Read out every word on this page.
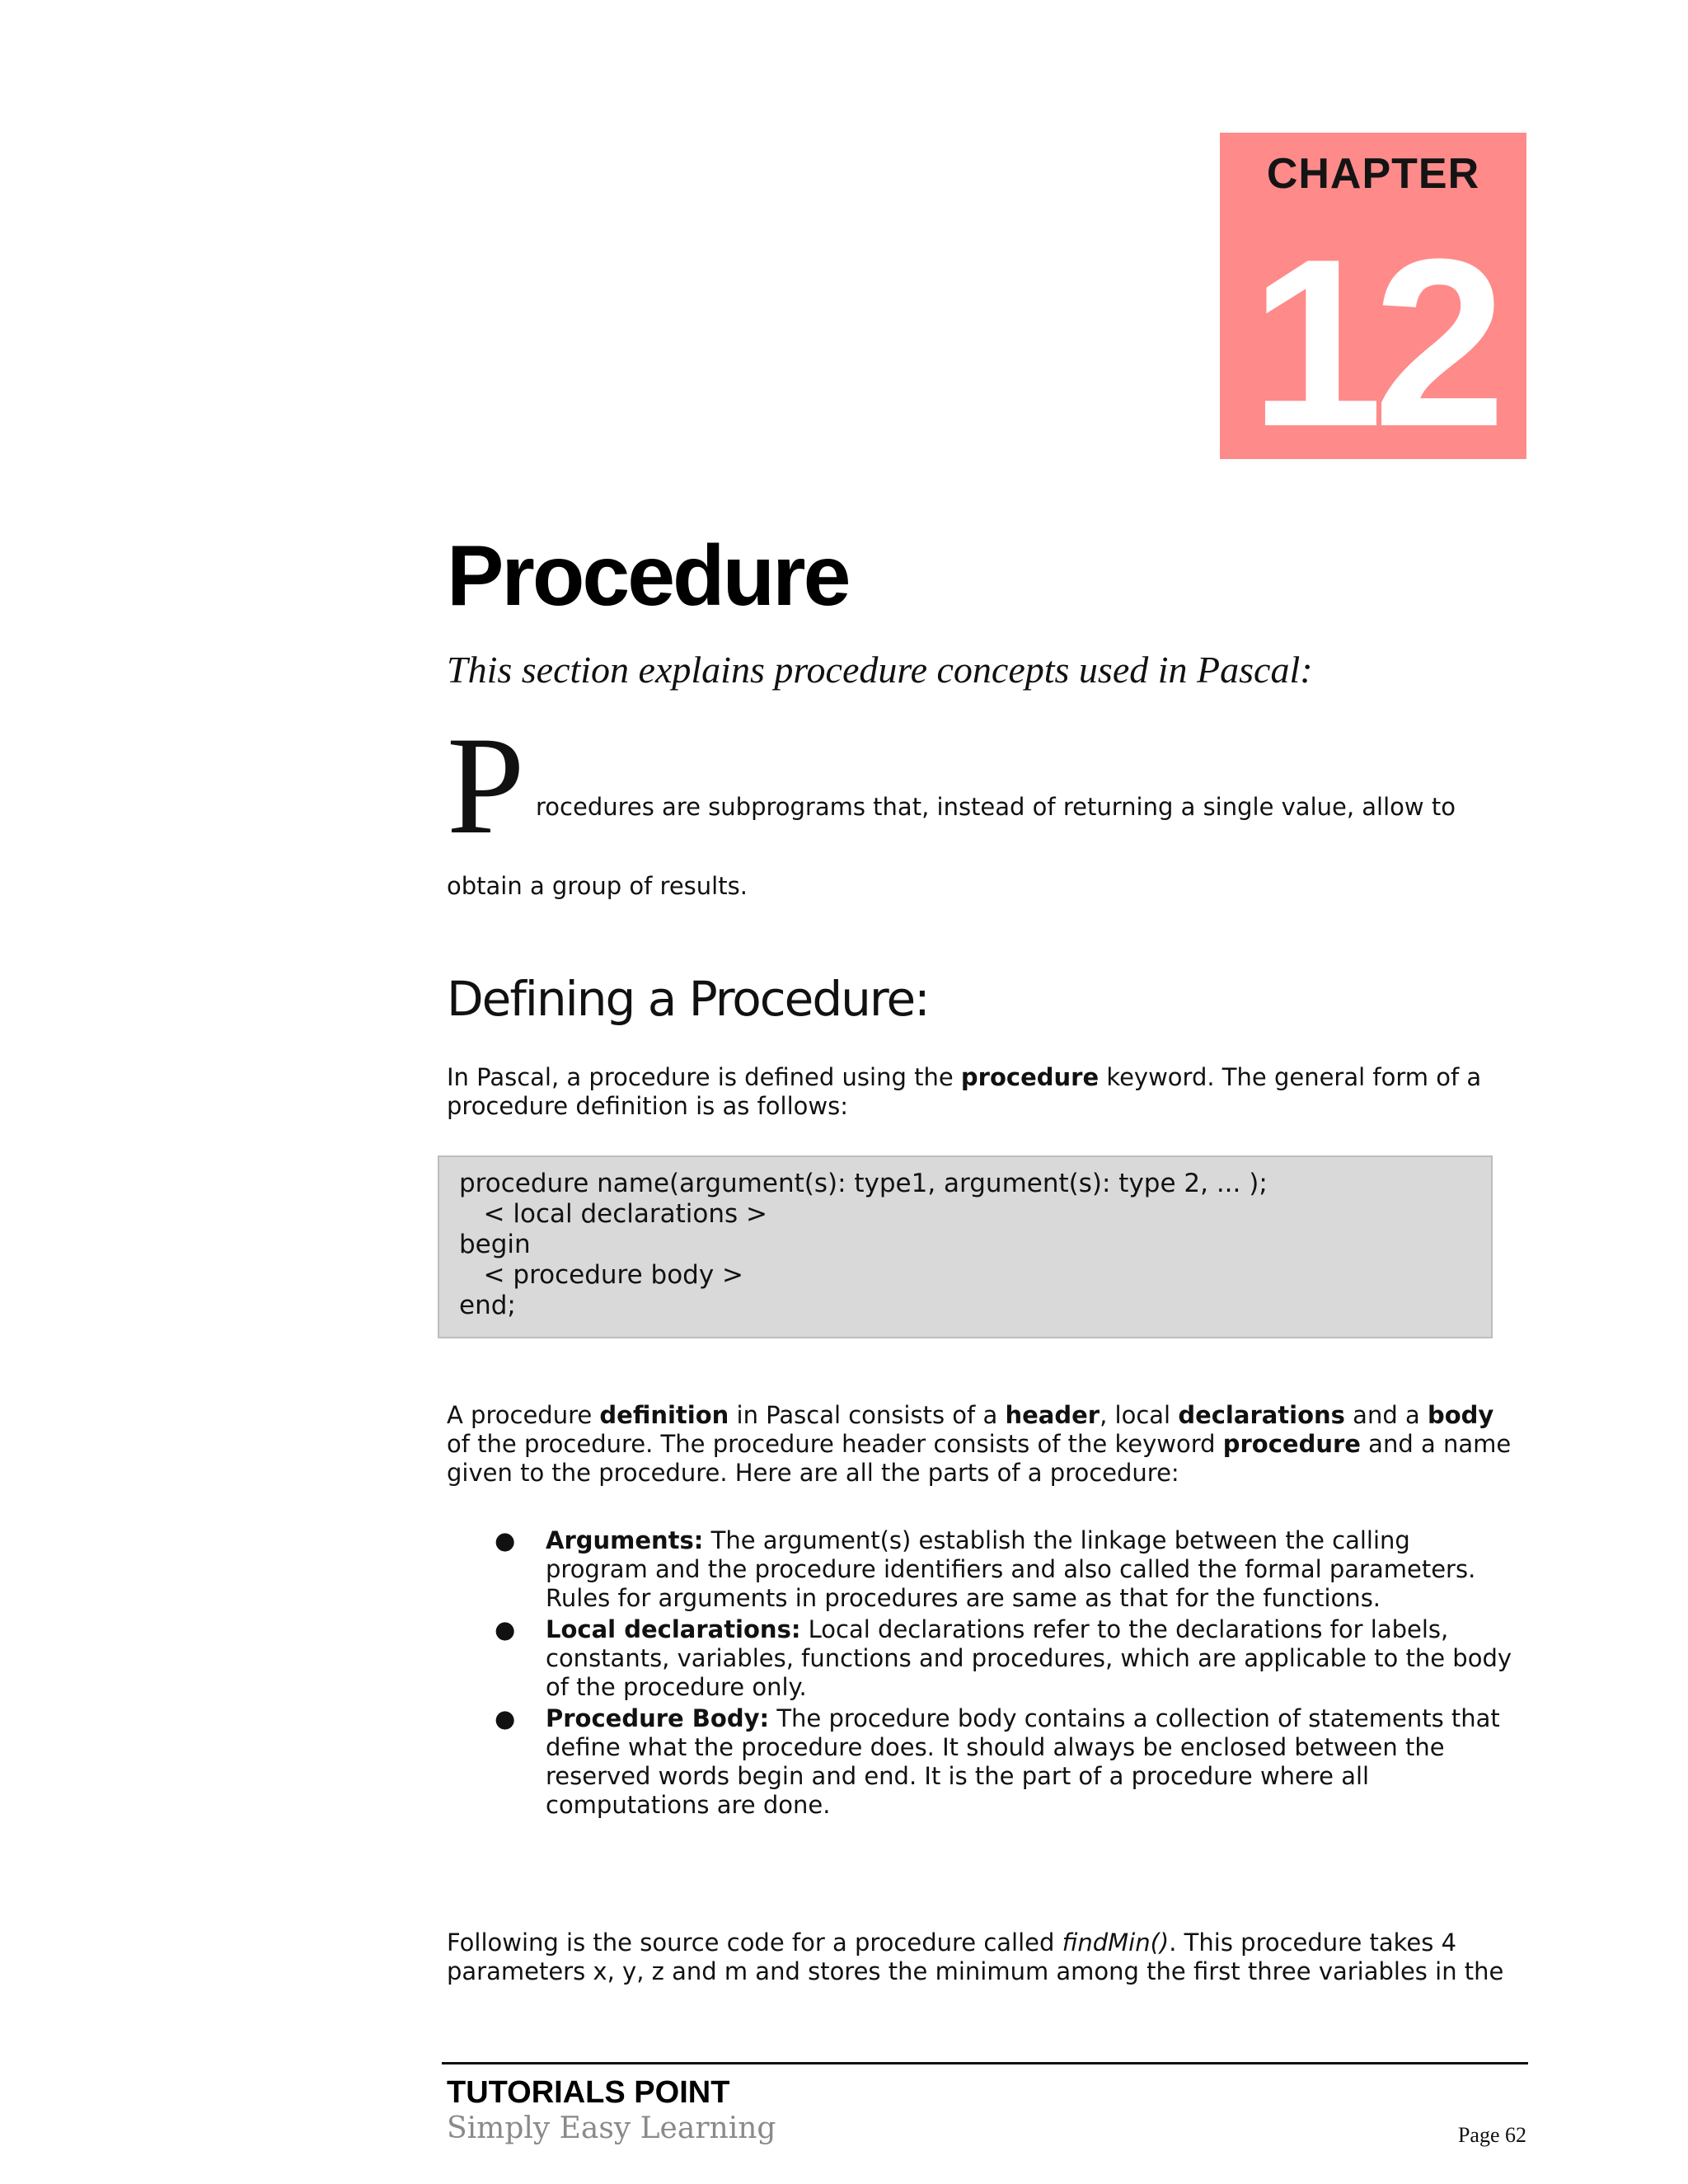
CHAPTER
12
Procedure
This section explains procedure concepts used in Pascal:
P rocedures are subprograms that, instead of returning a single value, allow to
obtain a group of results.
Defining a Procedure:
In Pascal, a procedure is defined using the procedure keyword. The general form of a procedure definition is as follows:
procedure name(argument(s): type1, argument(s): type 2, ... );
< local declarations >
begin
< procedure body >
end;
A procedure definition in Pascal consists of a header, local declarations and a body of the procedure. The procedure header consists of the keyword procedure and a name given to the procedure. Here are all the parts of a procedure:
● Arguments: The argument(s) establish the linkage between the calling program and the procedure identifiers and also called the formal parameters. Rules for arguments in procedures are same as that for the functions.
● Local declarations: Local declarations refer to the declarations for labels, constants, variables, functions and procedures, which are applicable to the body of the procedure only.
● Procedure Body: The procedure body contains a collection of statements that define what the procedure does. It should always be enclosed between the reserved words begin and end. It is the part of a procedure where all computations are done.
Following is the source code for a procedure called findMin(). This procedure takes 4 parameters x, y, z and m and stores the minimum among the first three variables in the
TUTORIALS POINT
Simply Easy Learning	Page 62
